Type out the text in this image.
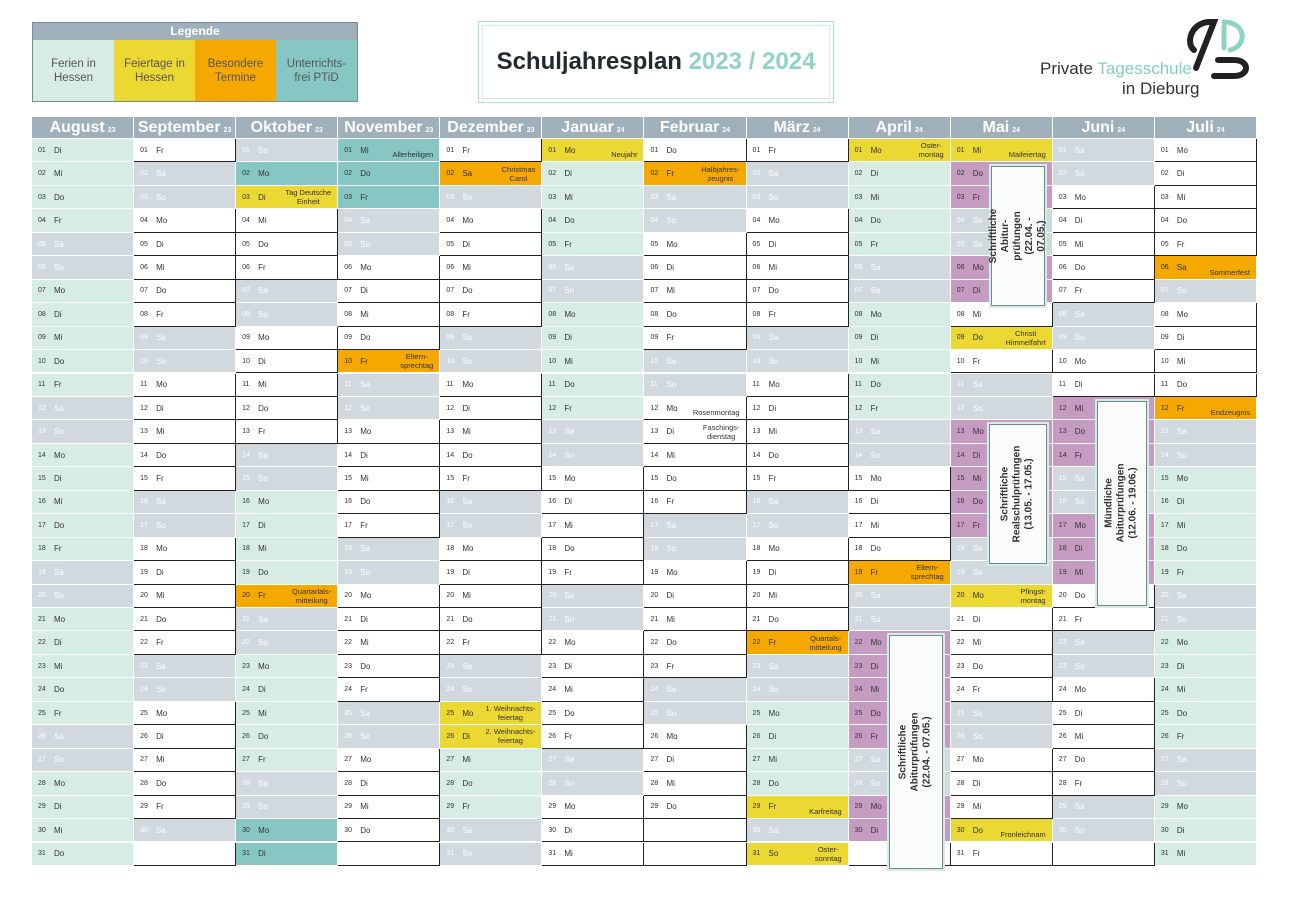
Legende
Ferien in
Hessen
Feiertage in
Hessen
Besondere
Termine
Unterrichts-
frei PTiD
Schuljahresplan 2023 / 2024	Private Tagesschule
in Dieburg
August 23
01 Di
02 Mi
03 Do
04 Fr
05 Sa
06 So
07 Mo
08 Di
09 Mi
10 Do
11 Fr
12 Sa
13 So
14 Mo
15 Di
16 Mi
17 Do
18 Fr
19 Sa
20 So
21 Mo
22 Di
23 Mi
24 Do
25 Fr
26 Sa
27 So
28 Mo
29 Di
30 Mi
31 Do
September 23
01 Fr
02 Sa
03 So
04 Mo
05 Di
06 Mi
07 Do
08 Fr
09 Sa
10 So
11 Mo
12 Di
13 Mi
14 Do
15 Fr
16 Sa
17 So
18 Mo
19 Di
20 Mi
21 Do
22 Fr
23 Sa
24 So
25 Mo
26 Di
27 Mi
28 Do
29 Fr
30 Sa
Oktober 23
01 So
02 Mo
03 Di	Tag Deutsche
Einheit
04 Mi
05 Do
06 Fr
07 Sa
08 So
09 Mo
10 Di
11 Mi
12 Do
13 Fr
14 Sa
15 So
16 Mo
17 Di
18 Mi
19 Do
20 Fr	Quartarlals-
mitteilung
21 Sa
22 So
23 Mo
24 Di
25 Mi
26 Do
27 Fr
28 Sa
29 So
30 Mo
31 Di
November 23
01 Mi
Allerheiligen
02 Do
03 Fr
04 Sa
05 So
06 Mo
07 Di
08 Mi
09 Do
10 Fr	Eltern-
sprechtag
11 Sa
12 So
13 Mo
14 Di
15 Mi
16 Do
17 Fr
18 Sa
19 So
20 Mo
21 Di
22 Mi
23 Do
24 Fr
25 Sa
26 So
27 Mo
28 Di
29 Mi
30 Do
Dezember 23
01 Fr
02 Sa	Christmas
Carol
03 So
04 Mo
05 Di
06 Mi
07 Do
08 Fr
09 Sa
10 So
11 Mo
12 Di
13 Mi
14 Do
15 Fr
16 Sa
17 So
18 Mo
19 Di
20 Mi
21 Do
22 Fr
23 Sa
24 So
25 Mo 1. Weihnachts-
feiertag
26 Di 2. Weihnachts-
feiertag
27 Mi
28 Do
29 Fr
30 Sa
31 So
Januar 24
01 Mo
Neujahr
02 Di
03 Mi
04 Do
05 Fr
06 Sa
07 So
08 Mo
09 Di
10 Mi
11 Do
12 Fr
13 Sa
14 So
15 Mo
16 Di
17 Mi
18 Do
19 Fr
20 Sa
21 So
22 Mo
23 Di
24 Mi
25 Do
26 Fr
27 Sa
28 So
29 Mo
30 Di
31 Mi
Februar 24
01 Do
02 Fr	Halbjahres-
zeugnis
03 Sa
04 So
05 Mo
06 Di
07 Mi
08 Do
09 Fr
10 Sa
11 So
12 Mo
Rosenmontag
13 Di	Faschings-
dienstag
14 Mi
15 Do
16 Fr
17 Sa
18 So
19 Mo
20 Di
21 Mi
22 Do
23 Fr
24 Sa
25 So
26 Mo
27 Di
28 Mi
29 Do
März 24
01 Fr
02 Sa
03 So
04 Mo
05 Di
06 Mi
07 Do
08 Fr
09 Sa
10 So
11 Mo
12 Di
13 Mi
14 Do
15 Fr
16 Sa
17 So
18 Mo
19 Di
20 Mi
21 Do
22 Fr	Quartals-
mitteilung
23 Sa
24 So
25 Mo
26 Di
27 Mi
28 Do
29 Fr
Karfreitag
30 Sa
31 So	Oster-
sonntag
April 24
01 Mo	Oster-
montag
02 Di
03 Mi
04 Do
05 Fr
06 Sa
07 So
08 Mo
09 Di
10 Mi
11 Do
12 Fr
13 Sa
14 So
15 Mo
16 Di
17 Mi
18 Do
19 Fr	Eltern-
sprechtag
20 Sa
21 So
22 Mo
23 Di
24 Mi
25 Do
26 Fr
27 Sa
28 So
29 Mo
30 Di
Mai 24
01 Mi
Maifeiertag
02 Do
03 Fr
04 Sa
05 So
06 Mo
07 Di
08 Mi
09 Do	Christi
Himmelfahrt
10 Fr
11 Sa
12 So
13 Mo
14 Di
15 Mi
16 Do
17 Fr
18 Sa
19 So
20 Mo	Pfingst-
montag
21 Di
22 Mi
23 Do
24 Fr
25 Sa
26 So
27 Mo
28 Di
29 Mi
30 Do
Fronleichnam
31 Fr
Juni 24
01 Sa
02 So
03 Mo
04 Di
05 Mi
06 Do
07 Fr
08 Sa
09 So
10 Mo
11 Di
12 Mi
13 Do
14 Fr
15 Sa
16 So
17 Mo
18 Di
19 Mi
20 Do
21 Fr
22 Sa
23 So
24 Mo
25 Di
26 Mi
27 Do
28 Fr
29 Sa
30 So
Juli 24
01 Mo
02 Di
03 Mi
04 Do
05 Fr
06 Sa
Sommerfest
07 So
08 Mo
09 Di
10 Mi
11 Do
12 Fr
Endzeugnis
13 Sa
14 So
15 Mo
16 Di
17 Mi
18 Do
19 Fr
20 Sa
21 So
22 Mo
23 Di
24 Mi
25 Do
26 Fr
27 Sa
28 So
29 Mo
30 Di
31 Mi
Schriftliche Abitur-
prüfungen
(22.04. - 07.05.)
Schriftliche
Realschulprüfungen
(13.05. - 17.05.)
Mündliche Abiturprüfungen
(12.06. - 19.06.)
Schriftliche Abiturprüfungen
(22.04. - 07.05.)
